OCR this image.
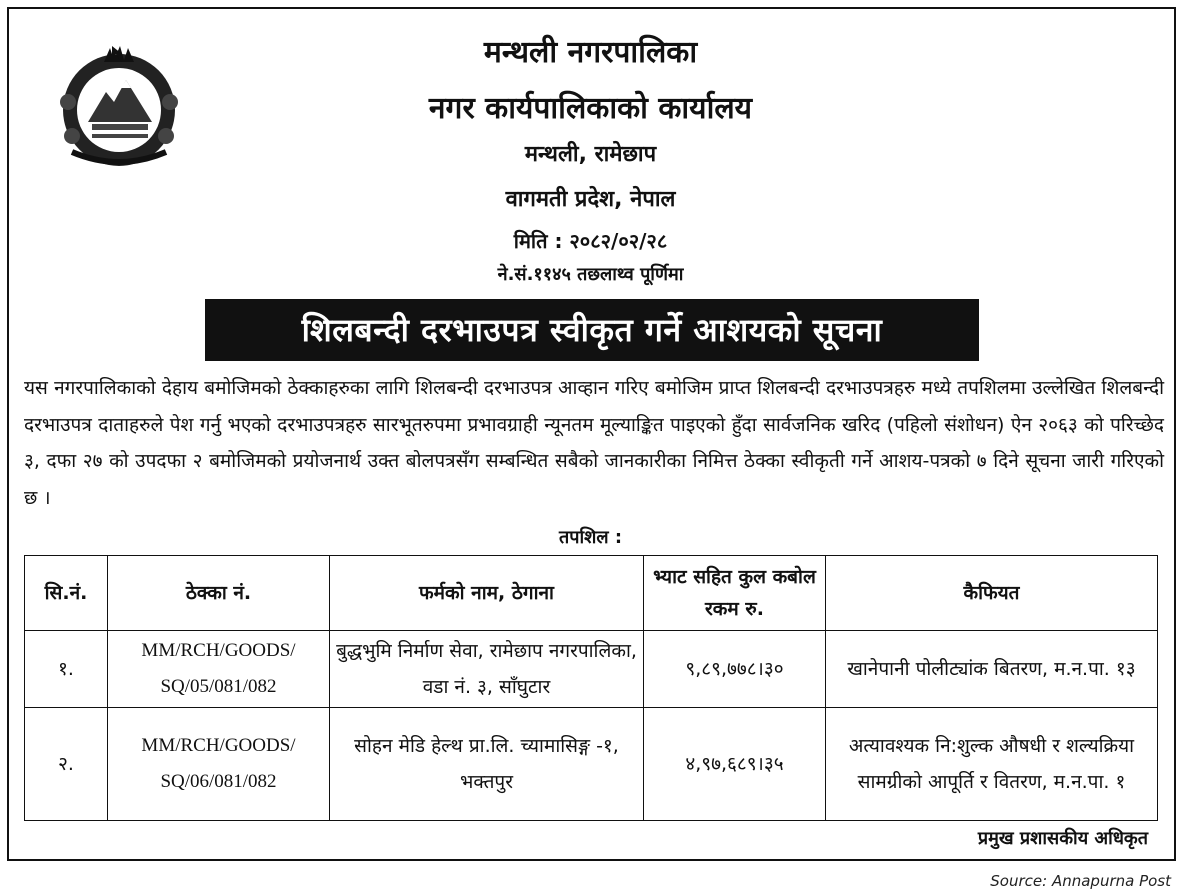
मन्थली नगरपालिका
नगर कार्यपालिकाको कार्यालय
मन्थली, रामेछाप
वागमती प्रदेश, नेपाल
मिति : २०८२/०२/२८
ने.सं.११४५ तछलाथ्व पूर्णिमा
शिलबन्दी दरभाउपत्र स्वीकृत गर्ने आशयको सूचना
यस नगरपालिकाको देहाय बमोजिमको ठेक्काहरुका लागि शिलबन्दी दरभाउपत्र आव्हान गरिए बमोजिम प्राप्त शिलबन्दी दरभाउपत्रहरु मध्ये तपशिलमा उल्लेखित शिलबन्दी दरभाउपत्र दाताहरुले पेश गर्नु भएको दरभाउपत्रहरु सारभूतरुपमा प्रभावग्राही न्यूनतम मूल्याङ्कित पाइएको हुँदा सार्वजनिक खरिद (पहिलो संशोधन) ऐन २०६३ को परिच्छेद ३, दफा २७ को उपदफा २ बमोजिमको प्रयोजनार्थ उक्त बोलपत्रसँग सम्बन्धित सबैको जानकारीका निमित्त ठेक्का स्वीकृती गर्ने आशय-पत्रको ७ दिने सूचना जारी गरिएको छ ।
तपशिल :
सि.नं.	ठेक्का नं.	फर्मको नाम, ठेगाना	भ्याट सहित कुल कबोल रकम रु.	कैफियत
१.	MM/RCH/GOODS/ SQ/05/081/082	बुद्धभुमि निर्माण सेवा, रामेछाप नगरपालिका, वडा नं. ३, साँघुटार	९,८९,७७८।३०	खानेपानी पोलीट्यांक बितरण, म.न.पा. १३
२.	MM/RCH/GOODS/ SQ/06/081/082	सोहन मेडि हेल्थ प्रा.लि. च्यामासिङ्ग -१, भक्तपुर	४,९७,६८९।३५	अत्यावश्यक नि:शुल्क औषधी र शल्यक्रिया सामग्रीको आपूर्ति र वितरण, म.न.पा. १
प्रमुख प्रशासकीय अधिकृत
Source: Annapurna Post
